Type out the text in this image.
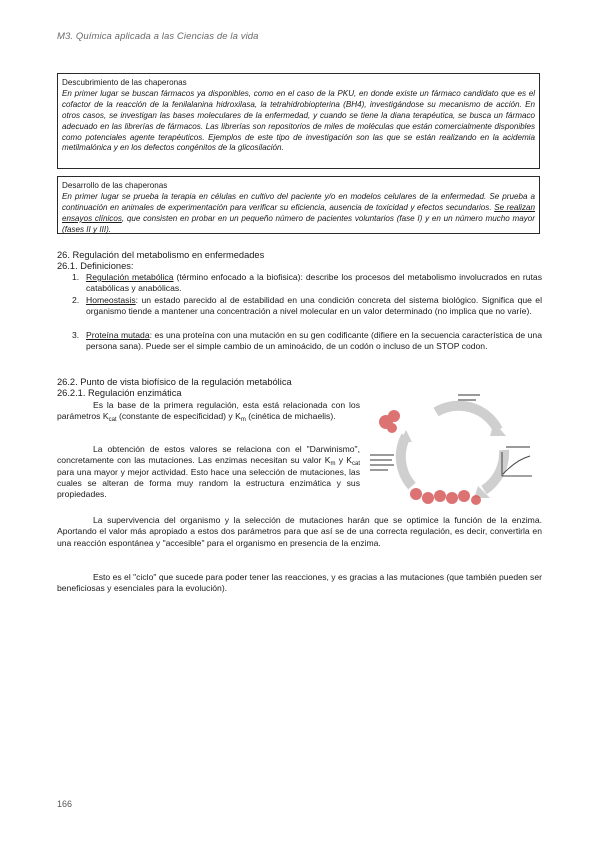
M3. Química aplicada a las Ciencias de la vida
Descubrimiento de las chaperonas
En primer lugar se buscan fármacos ya disponibles, como en el caso de la PKU, en donde existe un fármaco candidato que es el cofactor de la reacción de la fenilalanina hidroxilasa, la tetrahidrobiopterina (BH4), investigándose su mecanismo de acción. En otros casos, se investigan las bases moleculares de la enfermedad, y cuando se tiene la diana terapéutica, se busca un fármaco adecuado en las librerías de fármacos. Las librerías son repositorios de miles de moléculas que están comercialmente disponibles como potenciales agente terapéuticos. Ejemplos de este tipo de investigación son las que se están realizando en la acidemia metilmalónica y en los defectos congénitos de la glicosilación.
Desarrollo de las chaperonas
En primer lugar se prueba la terapia en células en cultivo del paciente y/o en modelos celulares de la enfermedad. Se prueba a continuación en animales de experimentación para verificar su eficiencia, ausencia de toxicidad y efectos secundarios. Se realizan ensayos clínicos, que consisten en probar en un pequeño número de pacientes voluntarios (fase I) y en un número mucho mayor (fases II y III).
26. Regulación del metabolismo en enfermedades
26.1. Definiciones:
1. Regulación metabólica (término enfocado a la biofisica): describe los procesos del metabolismo involucrados en rutas catabólicas y anabólicas.
2. Homeostasis: un estado parecido al de estabilidad en una condición concreta del sistema biológico. Significa que el organismo tiende a mantener una concentración a nivel molecular en un valor determinado (no implica que no varíe).
3. Proteína mutada: es una proteína con una mutación en su gen codificante (difiere en la secuencia característica de una persona sana). Puede ser el simple cambio de un aminoácido, de un codón o incluso de un STOP codon.
26.2. Punto de vista biofísico de la regulación metabólica
26.2.1. Regulación enzimática
Es la base de la primera regulación, esta está relacionada con los parámetros $K_{cat}$ (constante de especificidad) y $K_m$ (cinética de michaelis).
La obtención de estos valores se relaciona con el "Darwinismo", concretamente con las mutaciones. Las enzimas necesitan su valor $K_m$ y $K_{cat}$ para una mayor y mejor actividad. Esto hace una selección de mutaciones, las cuales se alteran de forma muy random la estructura enzimática y sus propiedades.
La supervivencia del organismo y la selección de mutaciones harán que se optimice la función de la enzima. Aportando el valor más apropiado a estos dos parámetros para que así se de una correcta regulación, es decir, convertirla en una reacción espontánea y "accesible" para el organismo en presencia de la enzima.
Esto es el "ciclo" que sucede para poder tener las reacciones, y es gracias a las mutaciones (que también pueden ser beneficiosas y esenciales para la evolución).
166
